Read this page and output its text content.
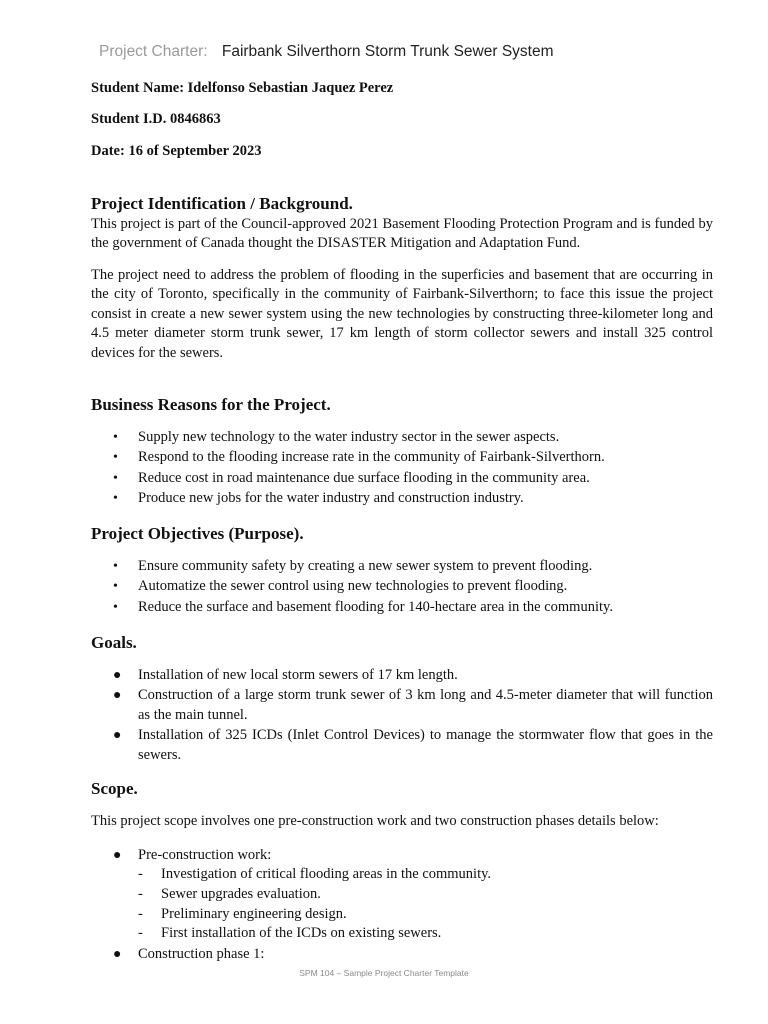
Project Charter: Fairbank Silverthorn Storm Trunk Sewer System
Student Name: Idelfonso Sebastian Jaquez Perez
Student I.D. 0846863
Date: 16 of September 2023
Project Identification / Background.
This project is part of the Council-approved 2021 Basement Flooding Protection Program and is funded by the government of Canada thought the DISASTER Mitigation and Adaptation Fund.
The project need to address the problem of flooding in the superficies and basement that are occurring in the city of Toronto, specifically in the community of Fairbank-Silverthorn; to face this issue the project consist in create a new sewer system using the new technologies by constructing three-kilometer long and 4.5 meter diameter storm trunk sewer, 17 km length of storm collector sewers and install 325 control devices for the sewers.
Business Reasons for the Project.
• Supply new technology to the water industry sector in the sewer aspects.
• Respond to the flooding increase rate in the community of Fairbank-Silverthorn.
• Reduce cost in road maintenance due surface flooding in the community area.
• Produce new jobs for the water industry and construction industry.
Project Objectives (Purpose).
• Ensure community safety by creating a new sewer system to prevent flooding.
• Automatize the sewer control using new technologies to prevent flooding.
• Reduce the surface and basement flooding for 140-hectare area in the community.
Goals.
● Installation of new local storm sewers of 17 km length.
● Construction of a large storm trunk sewer of 3 km long and 4.5-meter diameter that will function as the main tunnel.
● Installation of 325 ICDs (Inlet Control Devices) to manage the stormwater flow that goes in the sewers.
Scope.
This project scope involves one pre-construction work and two construction phases details below:
● Pre-construction work:
- Investigation of critical flooding areas in the community.
- Sewer upgrades evaluation.
- Preliminary engineering design.
- First installation of the ICDs on existing sewers.
● Construction phase 1:
SPM 104 – Sample Project Charter Template
